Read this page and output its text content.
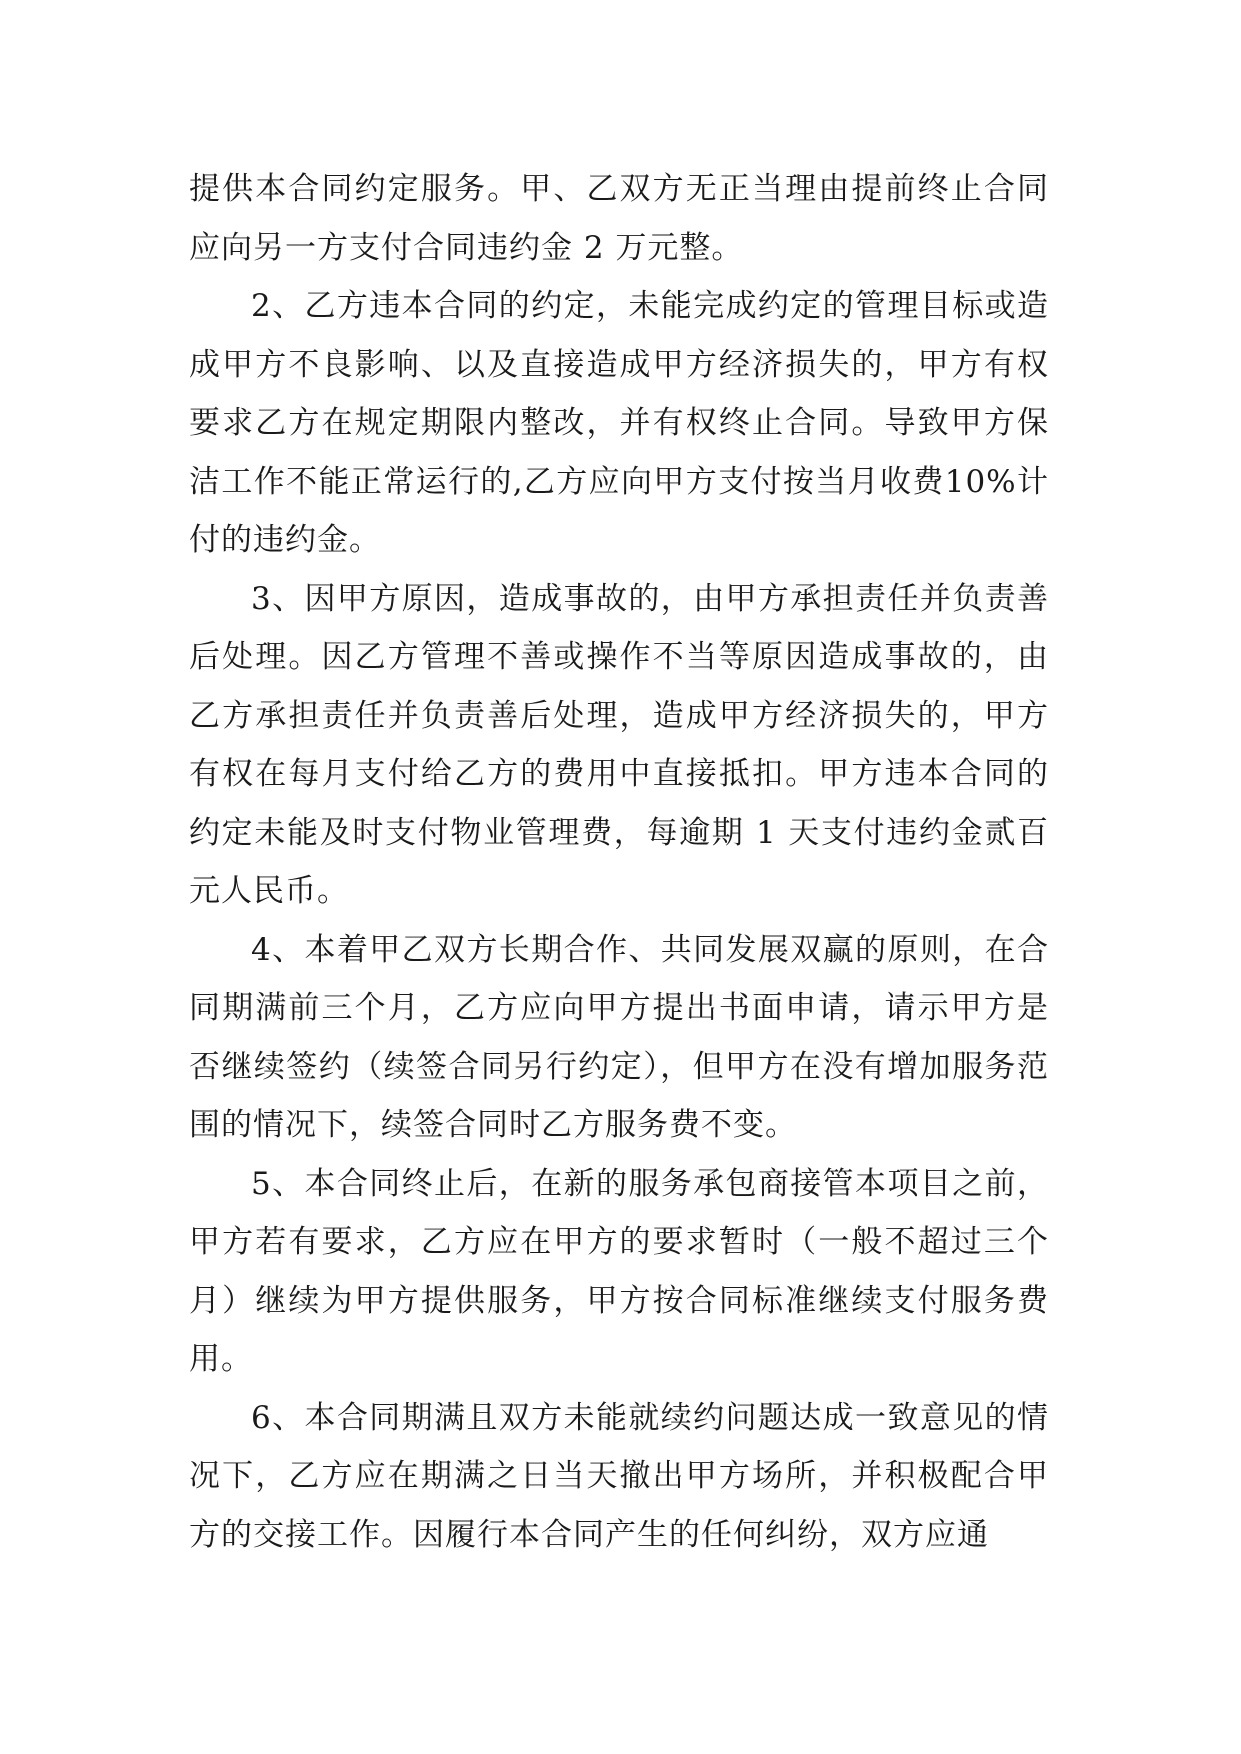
提供本合同约定服务。甲、乙双方无正当理由提前终止合同应向另一方支付合同违约金 2 万元整。

2、乙方违本合同的约定，未能完成约定的管理目标或造成甲方不良影响、以及直接造成甲方经济损失的，甲方有权要求乙方在规定期限内整改，并有权终止合同。导致甲方保洁工作不能正常运行的,乙方应向甲方支付按当月收费10%计付的违约金。

3、因甲方原因，造成事故的，由甲方承担责任并负责善后处理。因乙方管理不善或操作不当等原因造成事故的，由乙方承担责任并负责善后处理，造成甲方经济损失的，甲方有权在每月支付给乙方的费用中直接抵扣。甲方违本合同的约定未能及时支付物业管理费，每逾期 1 天支付违约金贰百元人民币。

4、本着甲乙双方长期合作、共同发展双赢的原则，在合同期满前三个月，乙方应向甲方提出书面申请，请示甲方是否继续签约（续签合同另行约定），但甲方在没有增加服务范围的情况下，续签合同时乙方服务费不变。

5、本合同终止后，在新的服务承包商接管本项目之前，甲方若有要求，乙方应在甲方的要求暂时（一般不超过三个月）继续为甲方提供服务，甲方按合同标准继续支付服务费用。

6、本合同期满且双方未能就续约问题达成一致意见的情况下，乙方应在期满之日当天撤出甲方场所，并积极配合甲方的交接工作。因履行本合同产生的任何纠纷，双方应通
